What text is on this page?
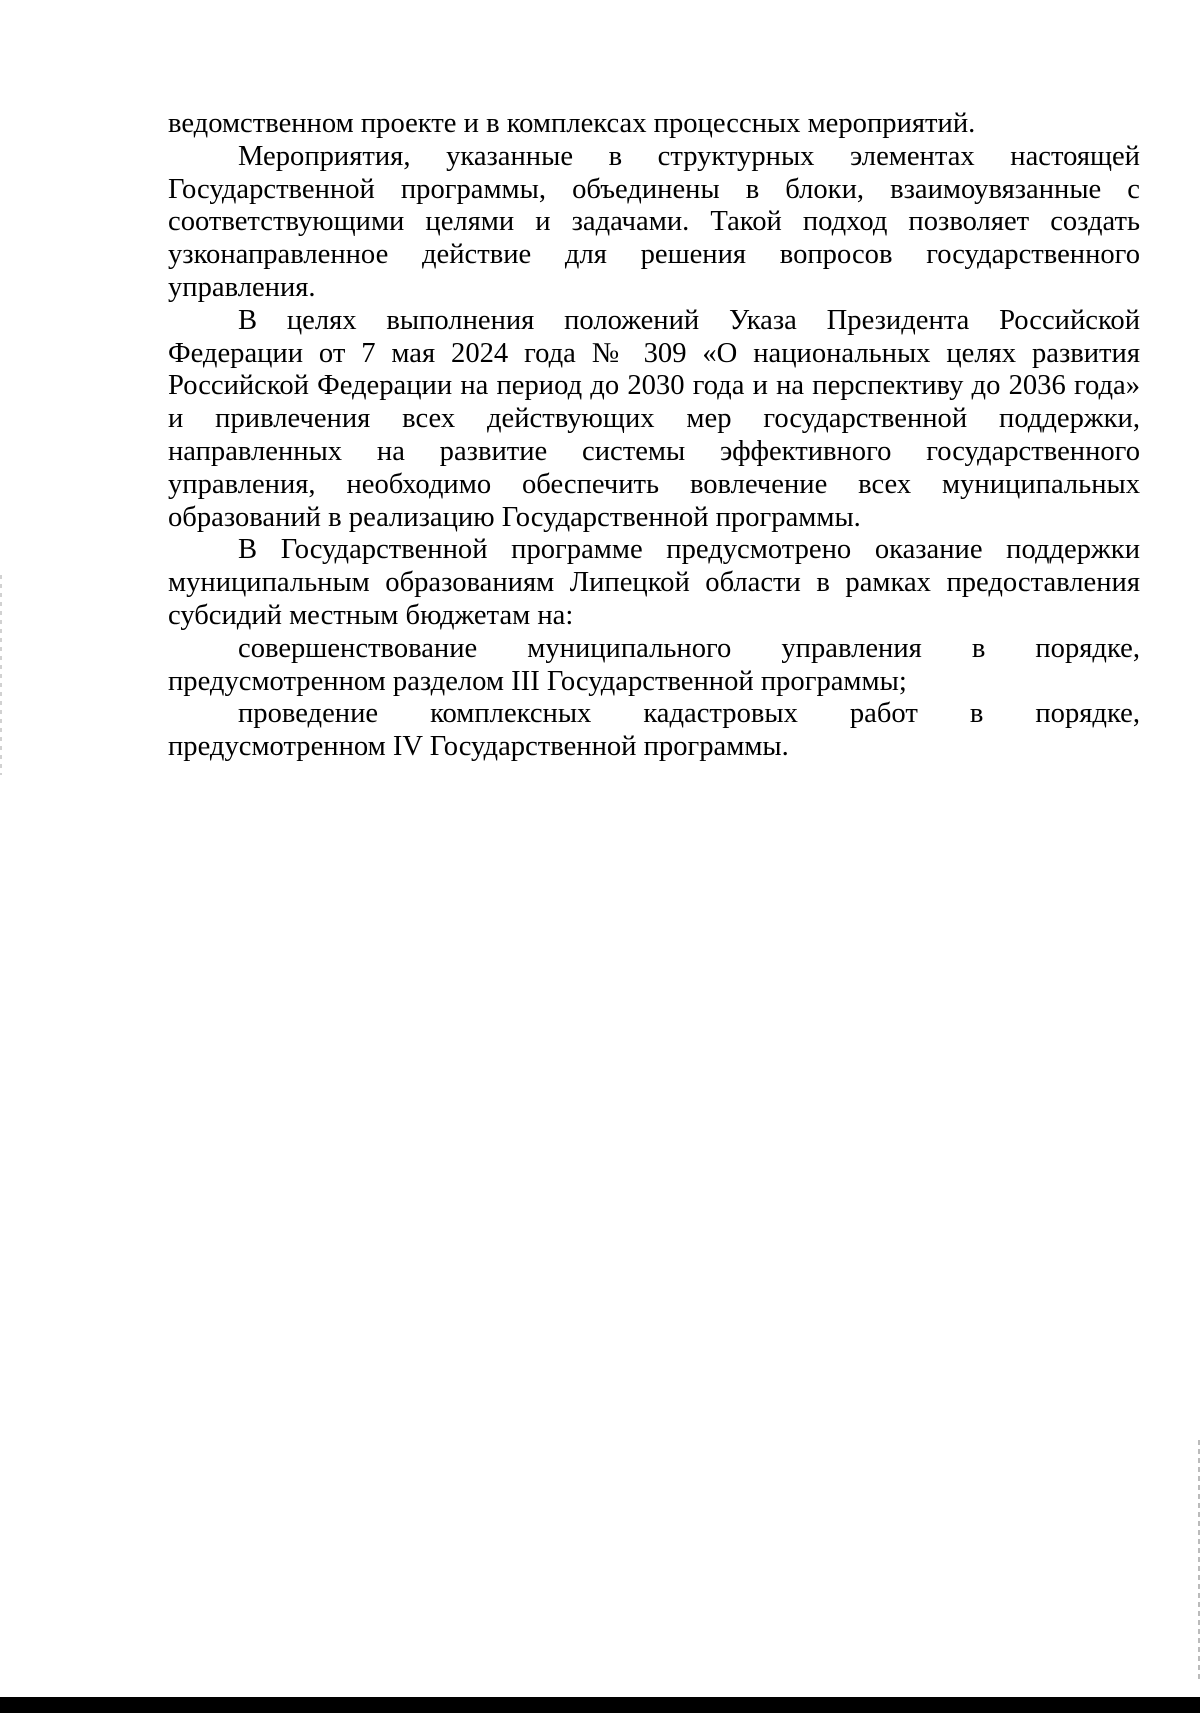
ведомственном проекте и в комплексах процессных мероприятий.

Мероприятия, указанные в структурных элементах настоящей Государственной программы, объединены в блоки, взаимоувязанные с соответствующими целями и задачами. Такой подход позволяет создать узконаправленное действие для решения вопросов государственного управления.

В целях выполнения положений Указа Президента Российской Федерации от 7 мая 2024 года № 309 «О национальных целях развития Российской Федерации на период до 2030 года и на перспективу до 2036 года» и привлечения всех действующих мер государственной поддержки, направленных на развитие системы эффективного государственного управления, необходимо обеспечить вовлечение всех муниципальных образований в реализацию Государственной программы.

В Государственной программе предусмотрено оказание поддержки муниципальным образованиям Липецкой области в рамках предоставления субсидий местным бюджетам на:

совершенствование муниципального управления в порядке, предусмотренном разделом III Государственной программы;

проведение комплексных кадастровых работ в порядке, предусмотренном IV Государственной программы.
